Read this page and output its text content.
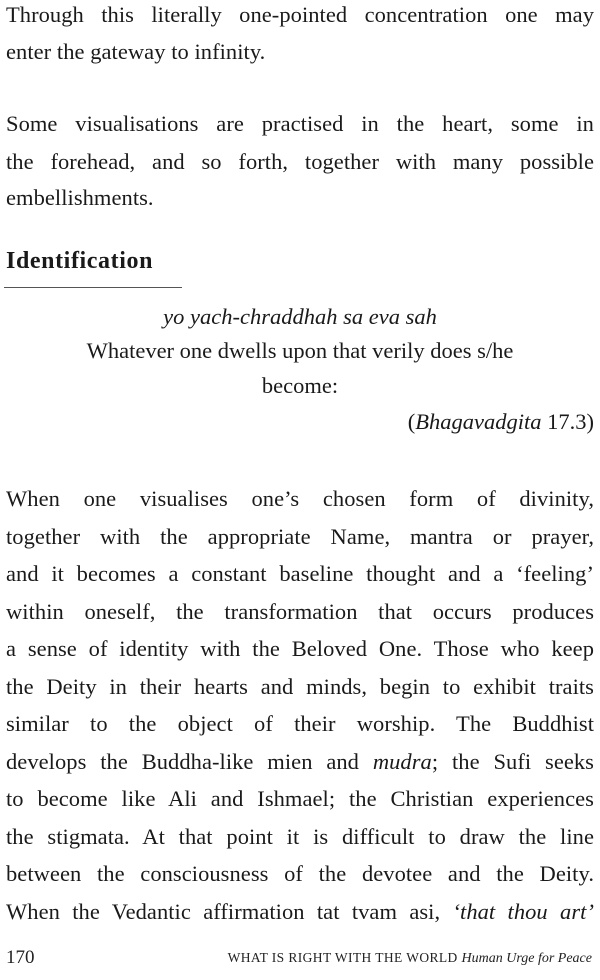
Through this literally one-pointed concentration one may
enter the gateway to infinity.
Some visualisations are practised in the heart, some in
the forehead, and so forth, together with many possible
embellishments.
Identification
yo yach-chraddhah sa eva sah
Whatever one dwells upon that verily does s/he
become:
(Bhagavadgita 17.3)
When one visualises one’s chosen form of divinity,
together with the appropriate Name, mantra or prayer,
and it becomes a constant baseline thought and a ‘feeling’
within oneself, the transformation that occurs produces
a sense of identity with the Beloved One. Those who keep
the Deity in their hearts and minds, begin to exhibit traits
similar to the object of their worship. The Buddhist
develops the Buddha-like mien and mudra; the Sufi seeks
to become like Ali and Ishmael; the Christian experiences
the stigmata. At that point it is difficult to draw the line
between the consciousness of the devotee and the Deity.
When the Vedantic affirmation tat tvam asi, ‘that thou art’
170	WHAT IS RIGHT WITH THE WORLD Human Urge for Peace
